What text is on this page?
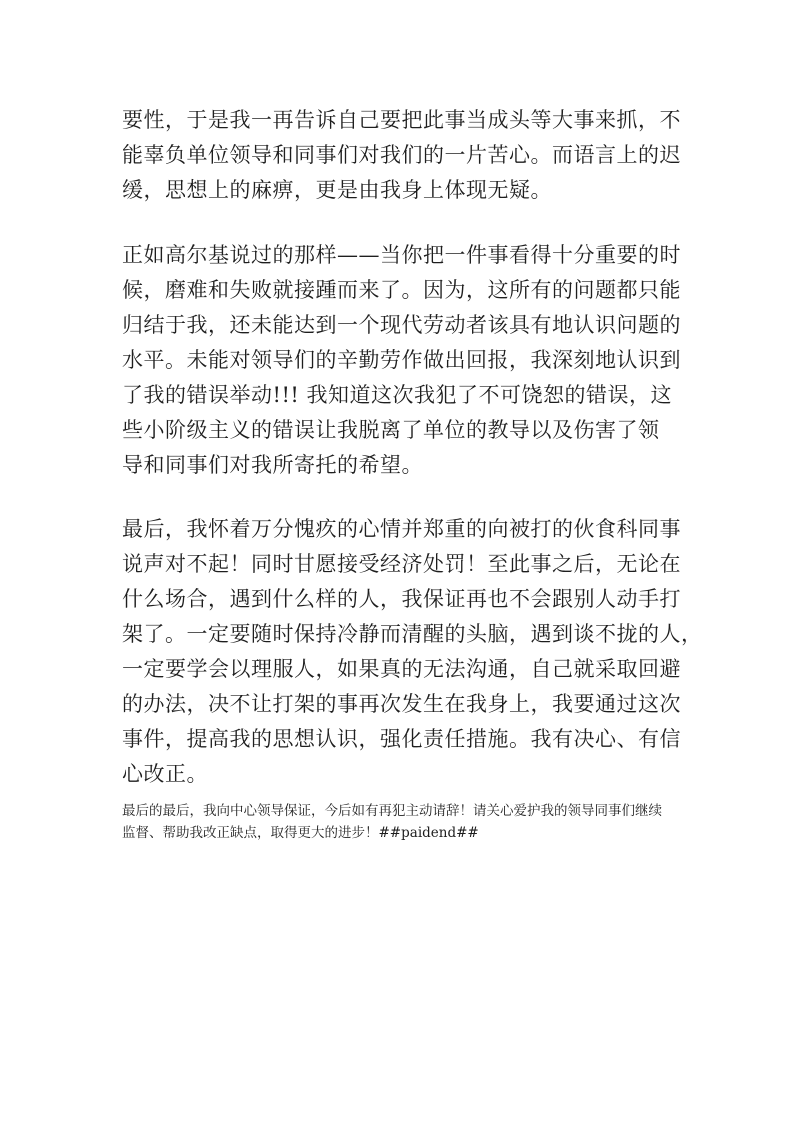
要性，于是我一再告诉自己要把此事当成头等大事来抓，不

能辜负单位领导和同事们对我们的一片苦心。而语言上的迟

缓，思想上的麻痹，更是由我身上体现无疑。

正如高尔基说过的那样——当你把一件事看得十分重要的时

候，磨难和失败就接踵而来了。因为，这所有的问题都只能

归结于我，还未能达到一个现代劳动者该具有地认识问题的

水平。未能对领导们的辛勤劳作做出回报，我深刻地认识到

了我的错误举动!!! 我知道这次我犯了不可饶恕的错误，这

些小阶级主义的错误让我脱离了单位的教导以及伤害了领

导和同事们对我所寄托的希望。

最后，我怀着万分愧疚的心情并郑重的向被打的伙食科同事

说声对不起！同时甘愿接受经济处罚！至此事之后，无论在

什么场合，遇到什么样的人，我保证再也不会跟别人动手打

架了。一定要随时保持冷静而清醒的头脑，遇到谈不拢的人，

一定要学会以理服人，如果真的无法沟通，自己就采取回避

的办法，决不让打架的事再次发生在我身上，我要通过这次

事件，提高我的思想认识，强化责任措施。我有决心、有信

心改正。

最后的最后，我向中心领导保证，今后如有再犯主动请辞！请关心爱护我的领导同事们继续

监督、帮助我改正缺点，取得更大的进步！##paidend##
